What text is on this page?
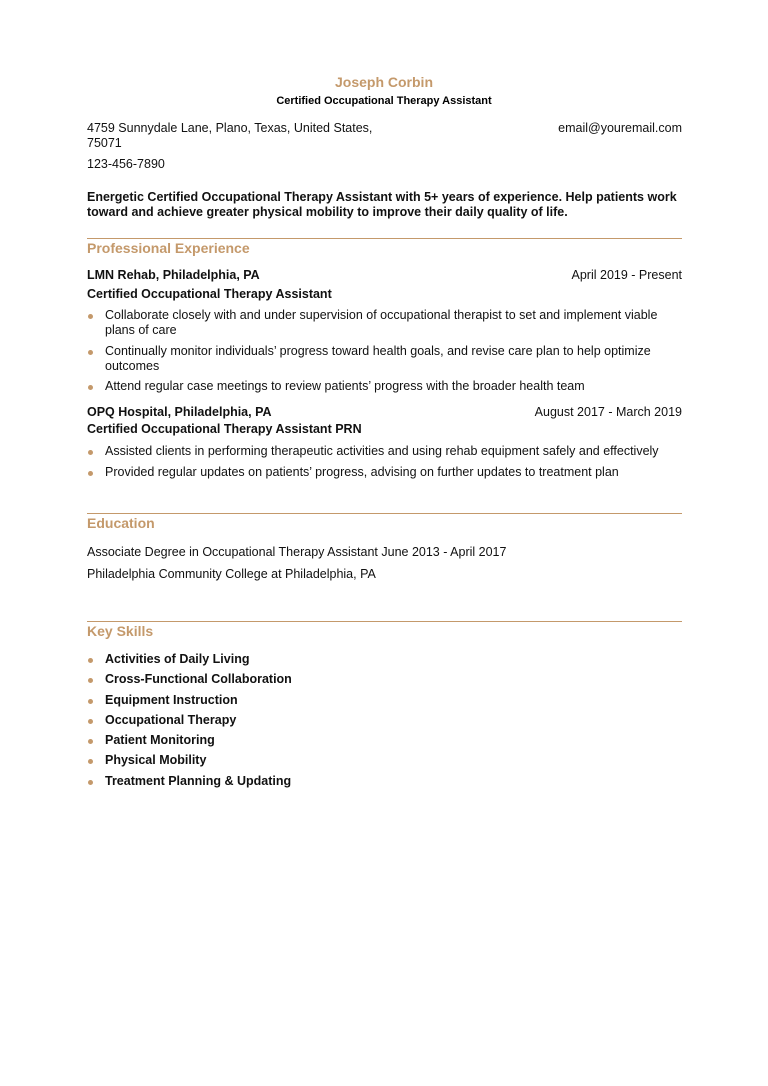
Joseph Corbin
Certified Occupational Therapy Assistant
4759 Sunnydale Lane, Plano, Texas, United States, 75071
email@youremail.com
123-456-7890
Energetic Certified Occupational Therapy Assistant with 5+ years of experience. Help patients work toward and achieve greater physical mobility to improve their daily quality of life.
Professional Experience
LMN Rehab, Philadelphia, PA	April 2019 - Present
Certified Occupational Therapy Assistant
Collaborate closely with and under supervision of occupational therapist to set and implement viable plans of care
Continually monitor individuals’ progress toward health goals, and revise care plan to help optimize outcomes
Attend regular case meetings to review patients’ progress with the broader health team
OPQ Hospital, Philadelphia, PA	August 2017 - March 2019
Certified Occupational Therapy Assistant PRN
Assisted clients in performing therapeutic activities and using rehab equipment safely and effectively
Provided regular updates on patients’ progress, advising on further updates to treatment plan
Education
Associate Degree in Occupational Therapy Assistant June 2013 - April 2017
Philadelphia Community College at Philadelphia, PA
Key Skills
Activities of Daily Living
Cross-Functional Collaboration
Equipment Instruction
Occupational Therapy
Patient Monitoring
Physical Mobility
Treatment Planning & Updating
